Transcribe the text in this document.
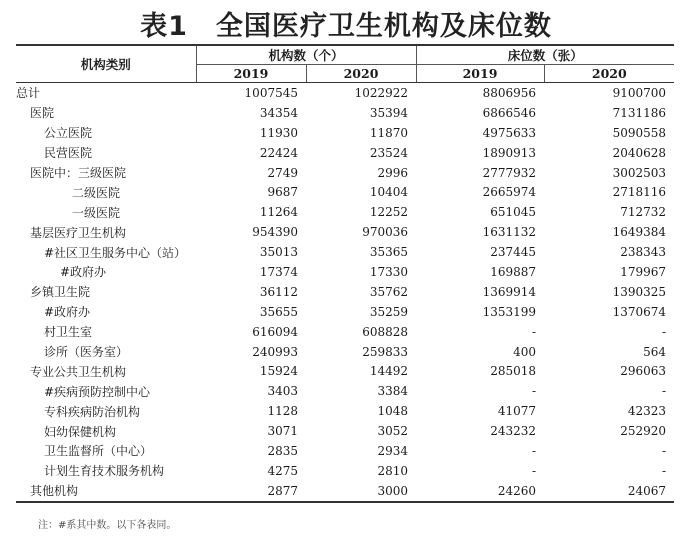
表1　全国医疗卫生机构及床位数
机构类别	机构数（个）		床位数（张）	
	2019	2020	2019	2020
总计	1007545	1022922	8806956	9100700
医院	34354	35394	6866546	7131186
公立医院	11930	11870	4975633	5090558
民营医院	22424	23524	1890913	2040628
医院中：三级医院	2749	2996	2777932	3002503
二级医院	9687	10404	2665974	2718116
一级医院	11264	12252	651045	712732
基层医疗卫生机构	954390	970036	1631132	1649384
#社区卫生服务中心（站）	35013	35365	237445	238343
#政府办	17374	17330	169887	179967
乡镇卫生院	36112	35762	1369914	1390325
#政府办	35655	35259	1353199	1370674
村卫生室	616094	608828	-	-
诊所（医务室）	240993	259833	400	564
专业公共卫生机构	15924	14492	285018	296063
#疾病预防控制中心	3403	3384	-	-
专科疾病防治机构	1128	1048	41077	42323
妇幼保健机构	3071	3052	243232	252920
卫生监督所（中心）	2835	2934	-	-
计划生育技术服务机构	4275	2810	-	-
其他机构	2877	3000	24260	24067
注：#系其中数。以下各表同。
